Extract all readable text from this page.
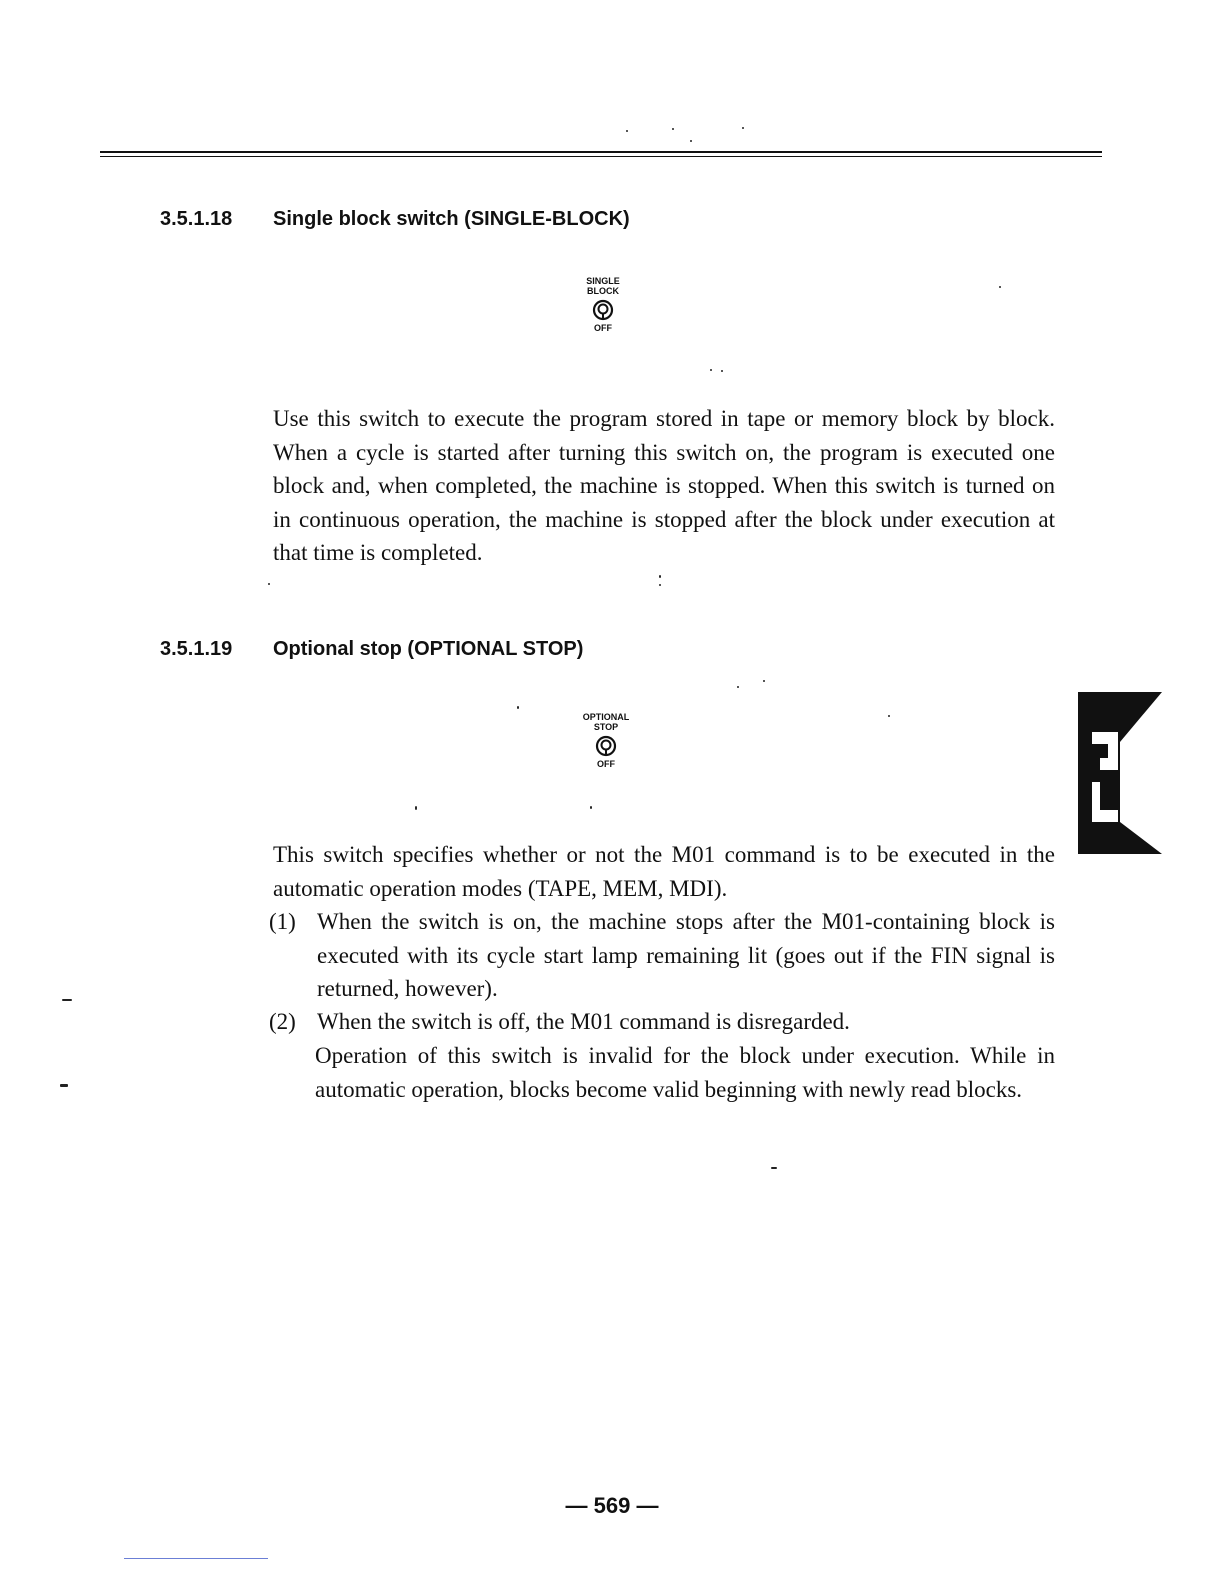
3.5.1.18 Single block switch (SINGLE-BLOCK)
SINGLE
BLOCK
OFF

Use this switch to execute the program stored in tape or memory block by block. When a cycle is started after turning this switch on, the program is executed one block and, when completed, the machine is stopped. When this switch is turned on in continuous operation, the machine is stopped after the block under execution at that time is completed.

3.5.1.19 Optional stop (OPTIONAL STOP)
OPTIONAL
STOP
OFF

This switch specifies whether or not the M01 command is to be executed in the automatic operation modes (TAPE, MEM, MDI).

(1) When the switch is on, the machine stops after the M01-containing block is executed with its cycle start lamp remaining lit (goes out if the FIN signal is returned, however).
(2) When the switch is off, the M01 command is disregarded.

Operation of this switch is invalid for the block under execution. While in automatic operation, blocks become valid beginning with newly read blocks.

— 569 —
